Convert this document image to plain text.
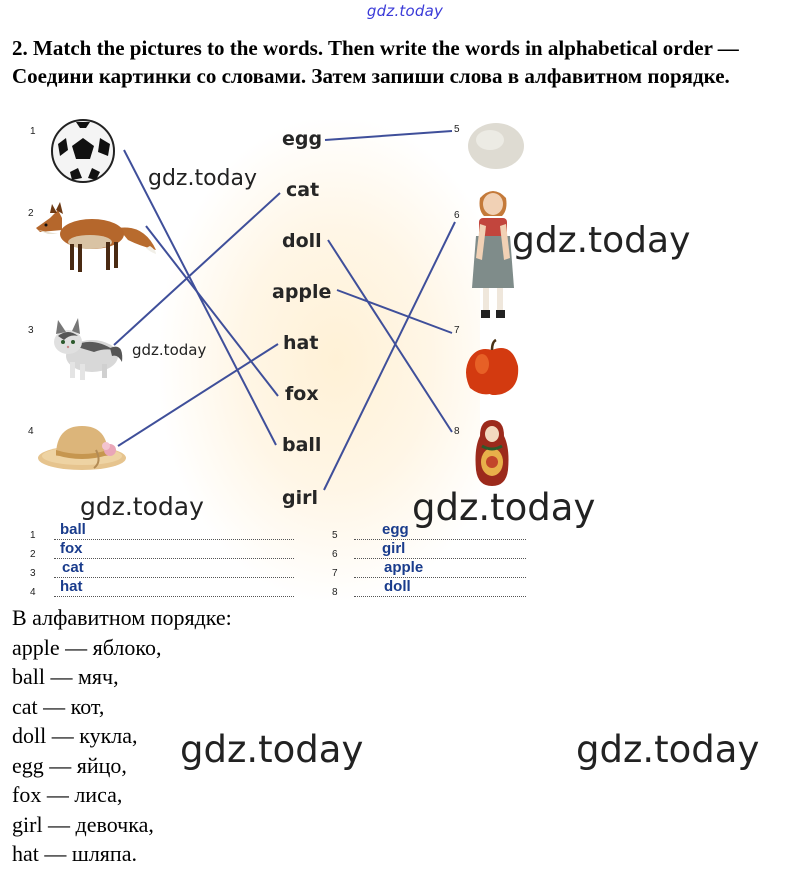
gdz.today
2. Match the pictures to the words. Then write the words in alphabetical order — Соедини картинки со словами. Затем запиши слова в алфавитном порядке.
1
2
3
4
5
6
7
8
egg
cat
doll
apple
hat
fox
ball
girl
gdz.today
gdz.today
gdz.today
gdz.today	gdz.today
gdz.today	gdz.today
1 ball
2 fox
3 cat
4 hat
5	egg
6	girl
7	apple
8	doll
В алфавитном порядке:
apple — яблоко,
ball — мяч,
cat — кот,
doll — кукла,
egg — яйцо,
fox — лиса,
girl — девочка,
hat — шляпа.
